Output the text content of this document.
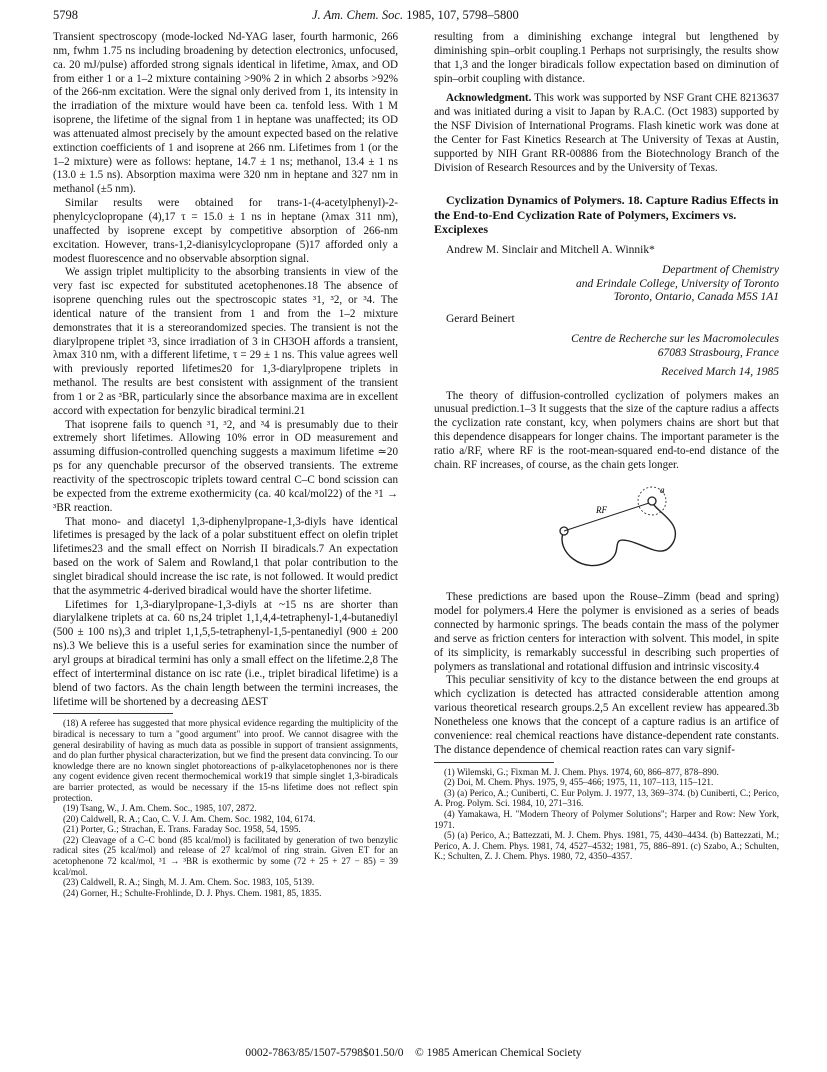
5798	J. Am. Chem. Soc. 1985, 107, 5798–5800

Transient spectroscopy (mode-locked Nd-YAG laser, fourth harmonic, 266 nm, fwhm 1.75 ns including broadening by detection electronics, unfocused, ca. 20 mJ/pulse) afforded strong signals identical in lifetime, λmax, and OD from either 1 or a 1–2 mixture containing >90% 2 in which 2 absorbs >92% of the 266-nm excitation. Were the signal only derived from 1, its intensity in the irradiation of the mixture would have been ca. tenfold less. With 1 M isoprene, the lifetime of the signal from 1 in heptane was unaffected; its OD was attenuated almost precisely by the amount expected based on the relative extinction coefficients of 1 and isoprene at 266 nm. Lifetimes from 1 (or the 1–2 mixture) were as follows: heptane, 14.7 ± 1 ns; methanol, 13.4 ± 1 ns (13.0 ± 1.5 ns). Absorption maxima were 320 nm in heptane and 327 nm in methanol (±5 nm).

Similar results were obtained for trans-1-(4-acetylphenyl)-2-phenylcyclopropane (4),17 τ = 15.0 ± 1 ns in heptane (λmax 311 nm), unaffected by isoprene except by competitive absorption of 266-nm excitation. However, trans-1,2-dianisylcyclopropane (5)17 afforded only a modest fluorescence and no observable absorption signal.

We assign triplet multiplicity to the absorbing transients in view of the very fast isc expected for substituted acetophenones.18 The absence of isoprene quenching rules out the spectroscopic states ³1, ³2, or ³4. The identical nature of the transient from 1 and from the 1–2 mixture demonstrates that it is a stereorandomized species. The transient is not the diarylpropene triplet ³3, since irradiation of 3 in CH3OH affords a transient, λmax 310 nm, with a different lifetime, τ = 29 ± 1 ns. This value agrees well with previously reported lifetimes20 for 1,3-diarylpropene triplets in methanol. The results are best consistent with assignment of the transient from 1 or 2 as ³BR, particularly since the absorbance maxima are in excellent accord with expectation for benzylic biradical termini.21

That isoprene fails to quench ³1, ³2, and ³4 is presumably due to their extremely short lifetimes. Allowing 10% error in OD measurement and assuming diffusion-controlled quenching suggests a maximum lifetime ≃20 ps for any quenchable precursor of the observed transients. The extreme reactivity of the spectroscopic triplets toward central C–C bond scission can be expected from the extreme exothermicity (ca. 40 kcal/mol22) of the ³1 → ³BR reaction.

That mono- and diacetyl 1,3-diphenylpropane-1,3-diyls have identical lifetimes is presaged by the lack of a polar substituent effect on olefin triplet lifetimes23 and the small effect on Norrish II biradicals.7 An expectation based on the work of Salem and Rowland,1 that polar contribution to the singlet biradical should increase the isc rate, is not followed. It would predict that the asymmetric 4-derived biradical would have the shorter lifetime.

Lifetimes for 1,3-diarylpropane-1,3-diyls at ~15 ns are shorter than diarylalkene triplets at ca. 60 ns,24 triplet 1,1,4,4-tetraphenyl-1,4-butanediyl (500 ± 100 ns),3 and triplet 1,1,5,5-tetraphenyl-1,5-pentanediyl (900 ± 200 ns).3 We believe this is a useful series for examination since the number of aryl groups at biradical termini has only a small effect on the lifetime.2,8 The effect of interterminal distance on isc rate (i.e., triplet biradical lifetime) is a blend of two factors. As the chain length between the termini increases, the lifetime will be shortened by a decreasing ΔEST

(18) A referee has suggested that more physical evidence regarding the multiplicity of the biradical is necessary to turn a "good argument" into proof. We cannot disagree with the general desirability of having as much data as possible in support of transient assignments, and do plan further physical characterization, but we find the present data convincing. To our knowledge there are no known singlet photoreactions of p-alkylacetophenones nor is there any cogent evidence given recent thermochemical work19 that simple singlet 1,3-biradicals are barrier protected, as would be necessary if the 15-ns lifetime does not reflect spin protection.

(19) Tsang, W., J. Am. Chem. Soc., 1985, 107, 2872.

(20) Caldwell, R. A.; Cao, C. V. J. Am. Chem. Soc. 1982, 104, 6174.

(21) Porter, G.; Strachan, E. Trans. Faraday Soc. 1958, 54, 1595.

(22) Cleavage of a C–C bond (85 kcal/mol) is facilitated by generation of two benzylic radical sites (25 kcal/mol) and release of 27 kcal/mol of ring strain. Given ET for an acetophenone 72 kcal/mol, ³1 → ³BR is exothermic by some (72 + 25 + 27 − 85) = 39 kcal/mol.

(23) Caldwell, R. A.; Singh, M. J. Am. Chem. Soc. 1983, 105, 5139.

(24) Gorner, H.; Schulte-Frohlinde, D. J. Phys. Chem. 1981, 85, 1835.

resulting from a diminishing exchange integral but lengthened by diminishing spin–orbit coupling.1 Perhaps not surprisingly, the results show that 1,3 and the longer biradicals follow expectation based on diminution of spin–orbit coupling with distance.

Acknowledgment. This work was supported by NSF Grant CHE 8213637 and was initiated during a visit to Japan by R.A.C. (Oct 1983) supported by the NSF Division of International Programs. Flash kinetic work was done at the Center for Fast Kinetics Research at The University of Texas at Austin, supported by NIH Grant RR-00886 from the Biotechnology Branch of the Division of Research Resources and by the University of Texas.

Cyclization Dynamics of Polymers. 18. Capture Radius Effects in the End-to-End Cyclization Rate of Polymers, Excimers vs. Exciplexes

Andrew M. Sinclair and Mitchell A. Winnik*

Department of Chemistry

and Erindale College, University of Toronto

Toronto, Ontario, Canada M5S 1A1

Gerard Beinert

Centre de Recherche sur les Macromolecules

67083 Strasbourg, France

Received March 14, 1985

The theory of diffusion-controlled cyclization of polymers makes an unusual prediction.1–3 It suggests that the size of the capture radius a affects the cyclization rate constant, kcy, when polymers chains are short but that this dependence disappears for longer chains. The important parameter is the ratio a/RF, where RF is the root-mean-squared end-to-end distance of the chain. RF increases, of course, as the chain gets longer.

RF
a

These predictions are based upon the Rouse–Zimm (bead and spring) model for polymers.4 Here the polymer is envisioned as a series of beads connected by harmonic springs. The beads contain the mass of the polymer and serve as friction centers for interaction with solvent. This model, in spite of its simplicity, is remarkably successful in describing such properties of polymers as translational and rotational diffusion and intrinsic viscosity.4

This peculiar sensitivity of kcy to the distance between the end groups at which cyclization is detected has attracted considerable attention among various theoretical research groups.2,5 An excellent review has appeared.3b Nonetheless one knows that the concept of a capture radius is an artifice of convenience: real chemical reactions have distance-dependent rate constants. The distance dependence of chemical reaction rates can vary signif-

(1) Wilemski, G.; Fixman M. J. Chem. Phys. 1974, 60, 866–877, 878–890.

(2) Doi, M. Chem. Phys. 1975, 9, 455–466; 1975, 11, 107–113, 115–121.

(3) (a) Perico, A.; Cuniberti, C. Eur Polym. J. 1977, 13, 369–374. (b) Cuniberti, C.; Perico, A. Prog. Polym. Sci. 1984, 10, 271–316.

(4) Yamakawa, H. "Modern Theory of Polymer Solutions"; Harper and Row: New York, 1971.

(5) (a) Perico, A.; Battezzati, M. J. Chem. Phys. 1981, 75, 4430–4434. (b) Battezzati, M.; Perico, A. J. Chem. Phys. 1981, 74, 4527–4532; 1981, 75, 886–891. (c) Szabo, A.; Schulten, K.; Schulten, Z. J. Chem. Phys. 1980, 72, 4350–4357.

0002-7863/85/1507-5798$01.50/0 © 1985 American Chemical Society
